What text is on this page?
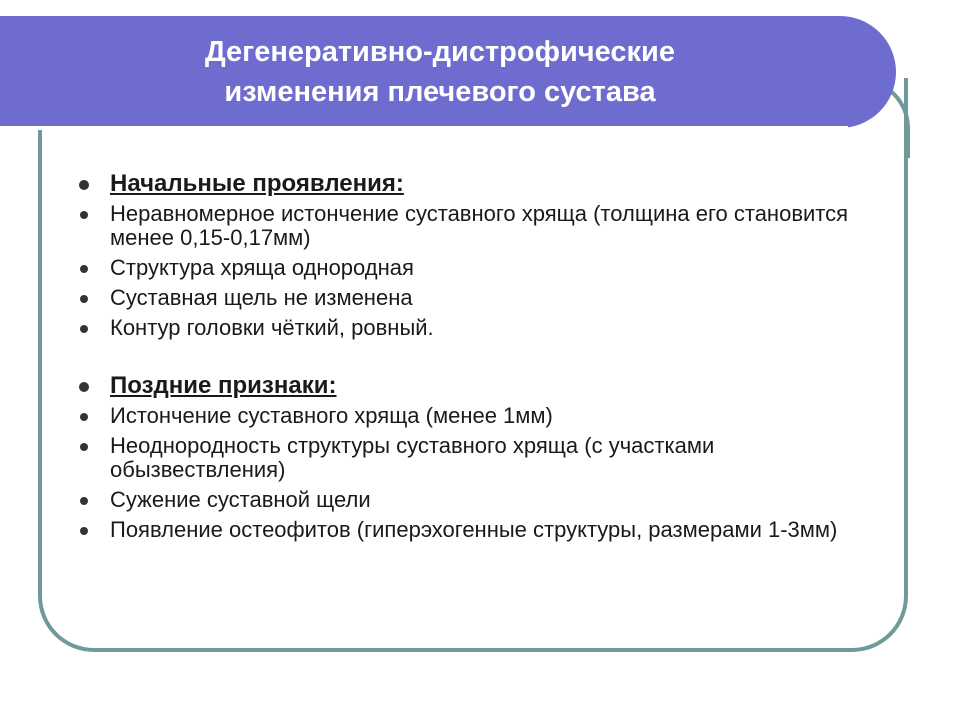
Дегенеративно-дистрофические
изменения плечевого сустава
Начальные проявления:
Неравномерное истончение суставного хряща (толщина его становится менее 0,15-0,17мм)
Структура хряща однородная
Суставная щель не изменена
Контур головки чёткий, ровный.
Поздние признаки:
Истончение суставного хряща (менее 1мм)
Неоднородность структуры суставного хряща (с участками обызвествления)
Сужение суставной щели
Появление остеофитов (гиперэхогенные структуры, размерами 1-3мм)
